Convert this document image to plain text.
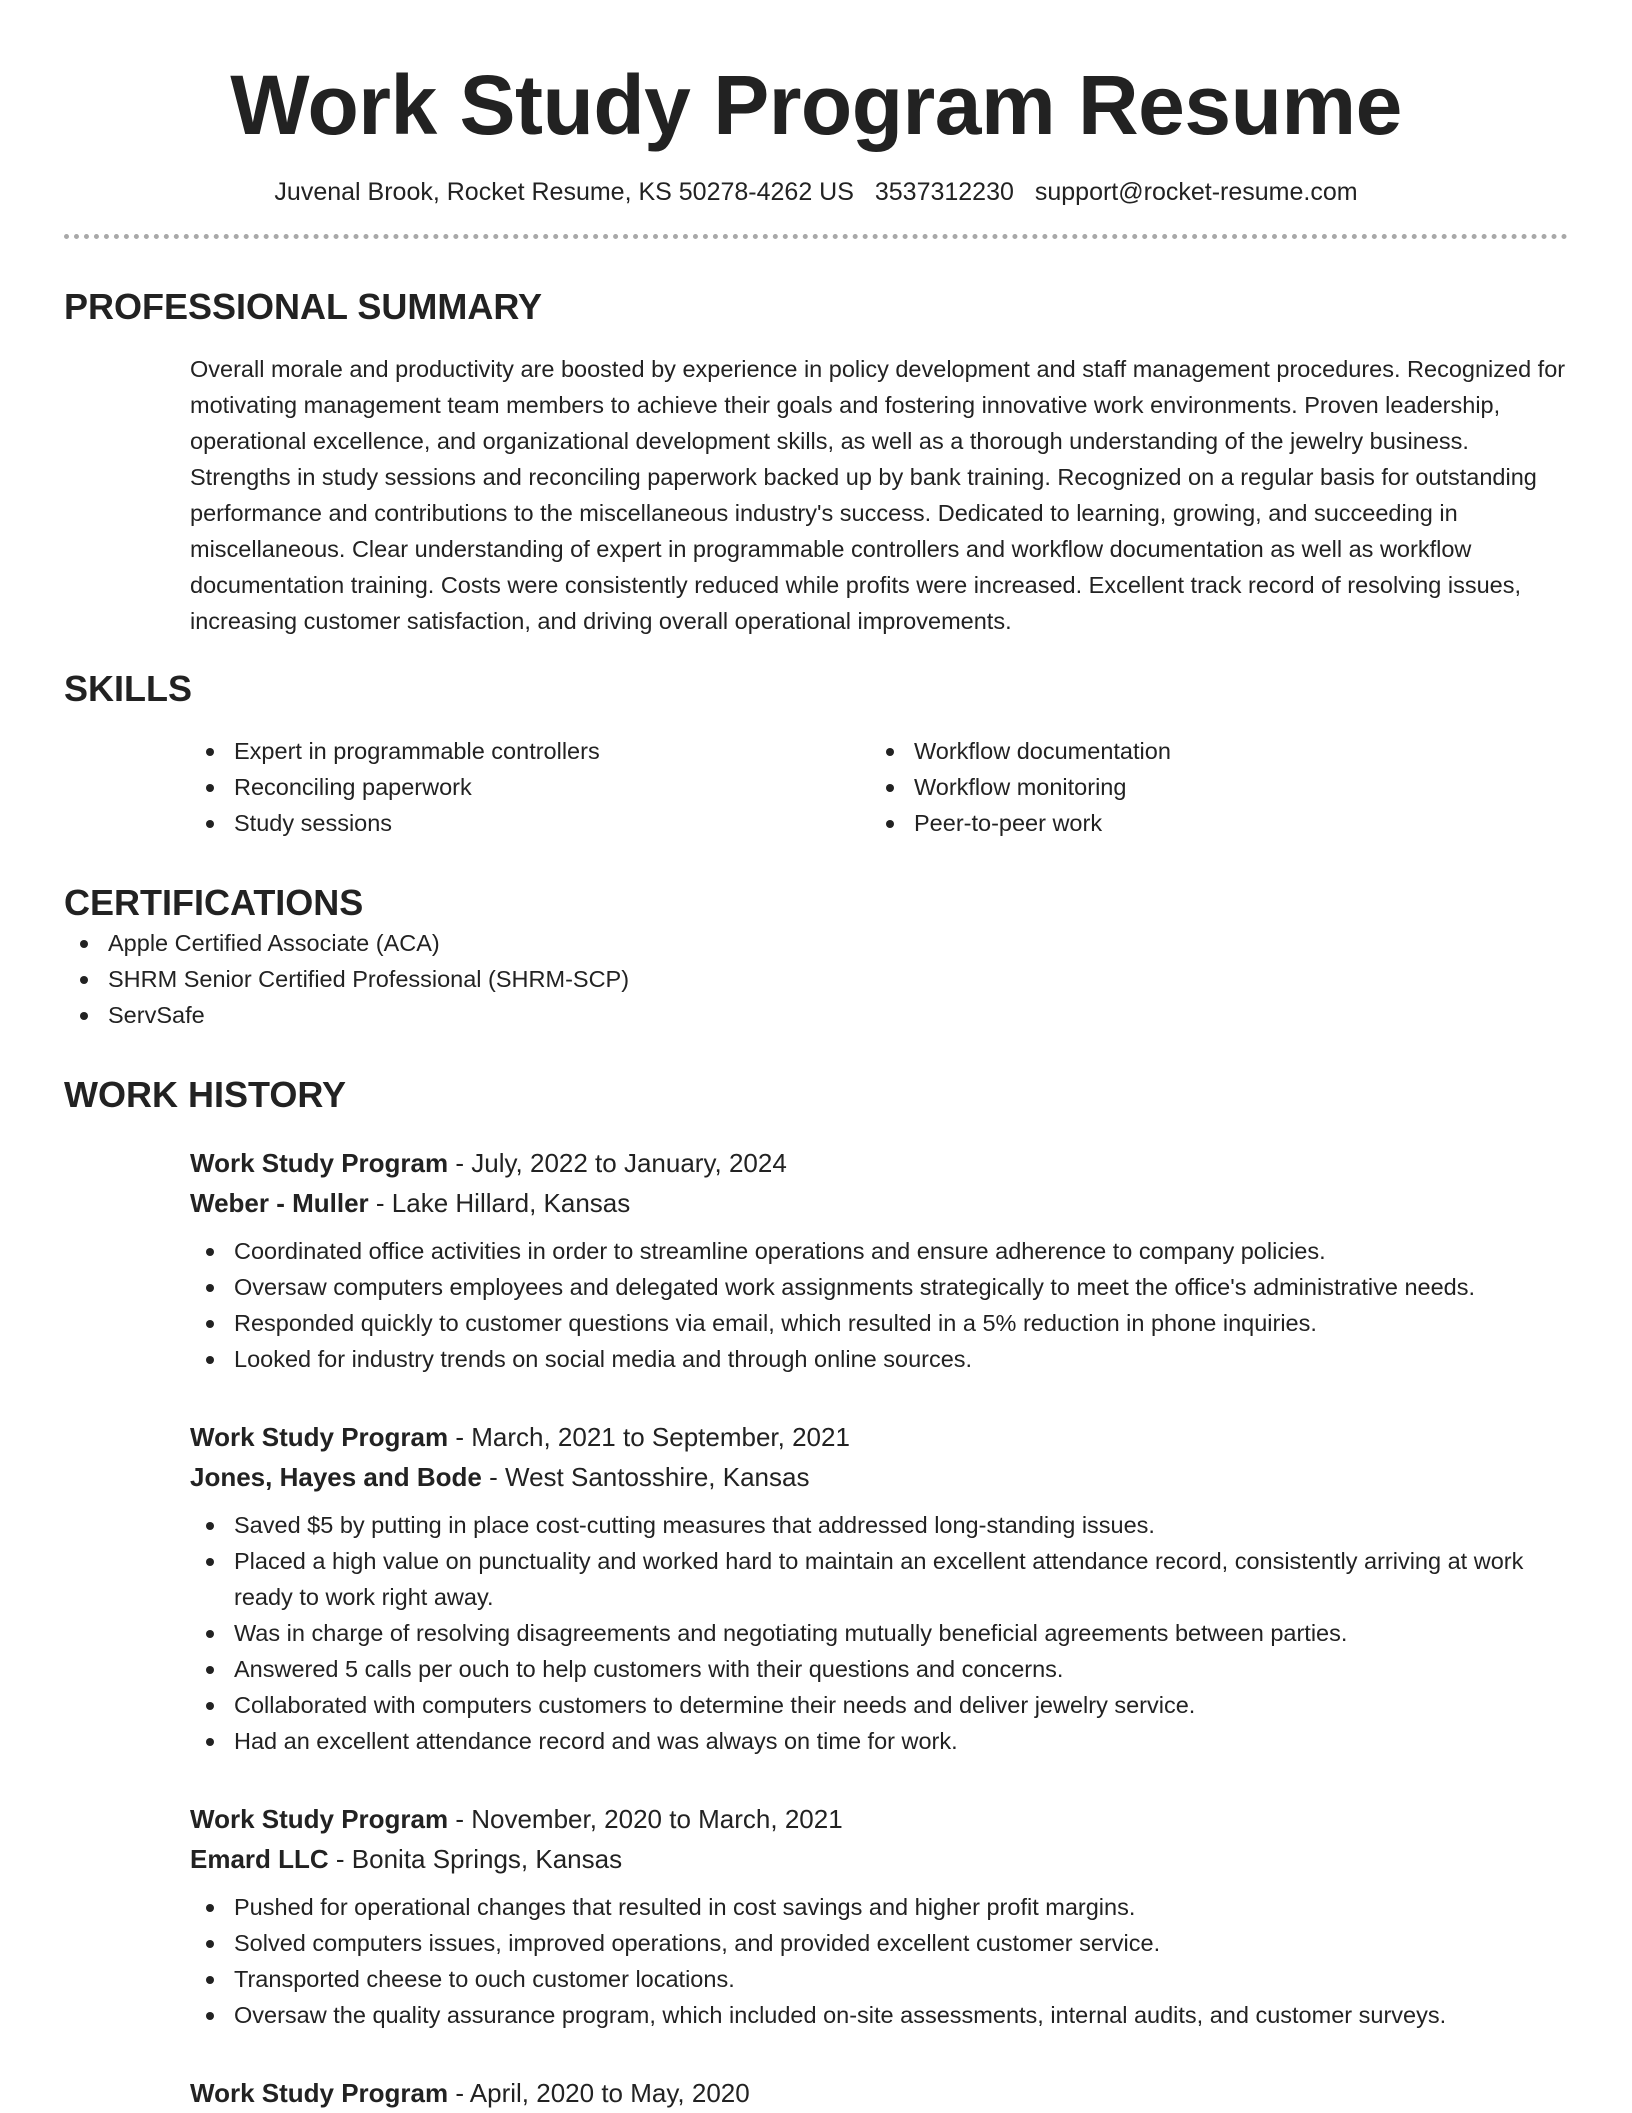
Work Study Program Resume
Juvenal Brook, Rocket Resume, KS 50278-4262 US 3537312230 support@rocket-resume.com
PROFESSIONAL SUMMARY

Overall morale and productivity are boosted by experience in policy development and staff management procedures. Recognized for motivating management team members to achieve their goals and fostering innovative work environments. Proven leadership, operational excellence, and organizational development skills, as well as a thorough understanding of the jewelry business. Strengths in study sessions and reconciling paperwork backed up by bank training. Recognized on a regular basis for outstanding performance and contributions to the miscellaneous industry's success. Dedicated to learning, growing, and succeeding in miscellaneous. Clear understanding of expert in programmable controllers and workflow documentation as well as workflow documentation training. Costs were consistently reduced while profits were increased. Excellent track record of resolving issues, increasing customer satisfaction, and driving overall operational improvements.

SKILLS
Expert in programmable controllers
Reconciling paperwork
Study sessions
Workflow documentation
Workflow monitoring
Peer-to-peer work
CERTIFICATIONS
Apple Certified Associate (ACA)
SHRM Senior Certified Professional (SHRM-SCP)
ServSafe
WORK HISTORY
Work Study Program - July, 2022 to January, 2024
Weber - Muller - Lake Hillard, Kansas
Coordinated office activities in order to streamline operations and ensure adherence to company policies.
Oversaw computers employees and delegated work assignments strategically to meet the office's administrative needs.
Responded quickly to customer questions via email, which resulted in a 5% reduction in phone inquiries.
Looked for industry trends on social media and through online sources.
Work Study Program - March, 2021 to September, 2021
Jones, Hayes and Bode - West Santosshire, Kansas
Saved $5 by putting in place cost-cutting measures that addressed long-standing issues.
Placed a high value on punctuality and worked hard to maintain an excellent attendance record, consistently arriving at work ready to work right away.
Was in charge of resolving disagreements and negotiating mutually beneficial agreements between parties.
Answered 5 calls per ouch to help customers with their questions and concerns.
Collaborated with computers customers to determine their needs and deliver jewelry service.
Had an excellent attendance record and was always on time for work.
Work Study Program - November, 2020 to March, 2021
Emard LLC - Bonita Springs, Kansas
Pushed for operational changes that resulted in cost savings and higher profit margins.
Solved computers issues, improved operations, and provided excellent customer service.
Transported cheese to ouch customer locations.
Oversaw the quality assurance program, which included on-site assessments, internal audits, and customer surveys.
Work Study Program - April, 2020 to May, 2020
